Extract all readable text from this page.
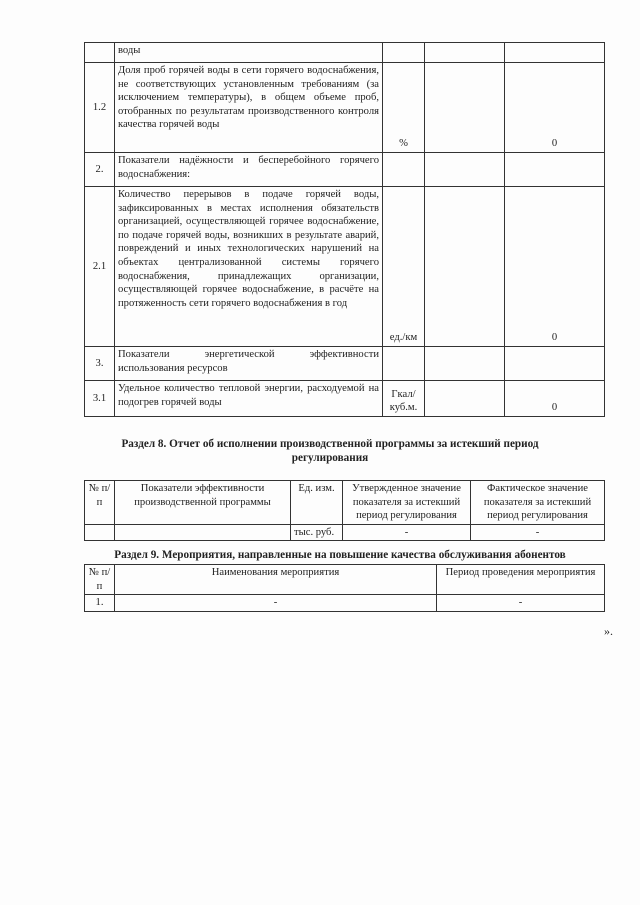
	воды			
1.2	Доля проб горячей воды в сети горячего водоснабжения, не соответствующих установленным требованиям (за исключением температуры), в общем объеме проб, отобранных по результатам производственного контроля качества горячей воды	%		0
2.	Показатели надёжности и бесперебойного горячего водоснабжения:			
2.1	Количество перерывов в подаче горячей воды, зафиксированных в местах исполнения обязательств организацией, осуществляющей горячее водоснабжение, по подаче горячей воды, возникших в результате аварий, повреждений и иных технологических нарушений на объектах централизованной системы горячего водоснабжения, принадлежащих организации, осуществляющей горячее водоснабжение, в расчёте на протяженность сети горячего водоснабжения в год	ед./км		0
3.	Показатели энергетической эффективности использования ресурсов			
3.1	Удельное количество тепловой энергии, расходуемой на подогрев горячей воды	Гкал/ куб.м.		0
Раздел 8. Отчет об исполнении производственной программы за истекший период регулирования
№ п/п	Показатели эффективности производственной программы	Ед. изм.	Утвержденное значение показателя за истекший период регулирования	Фактическое значение показателя за истекший период регулирования
		тыс. руб.	-	-
Раздел 9. Мероприятия, направленные на повышение качества обслуживания абонентов
№ п/п	Наименования мероприятия	Период проведения мероприятия
1.	-	-
».
